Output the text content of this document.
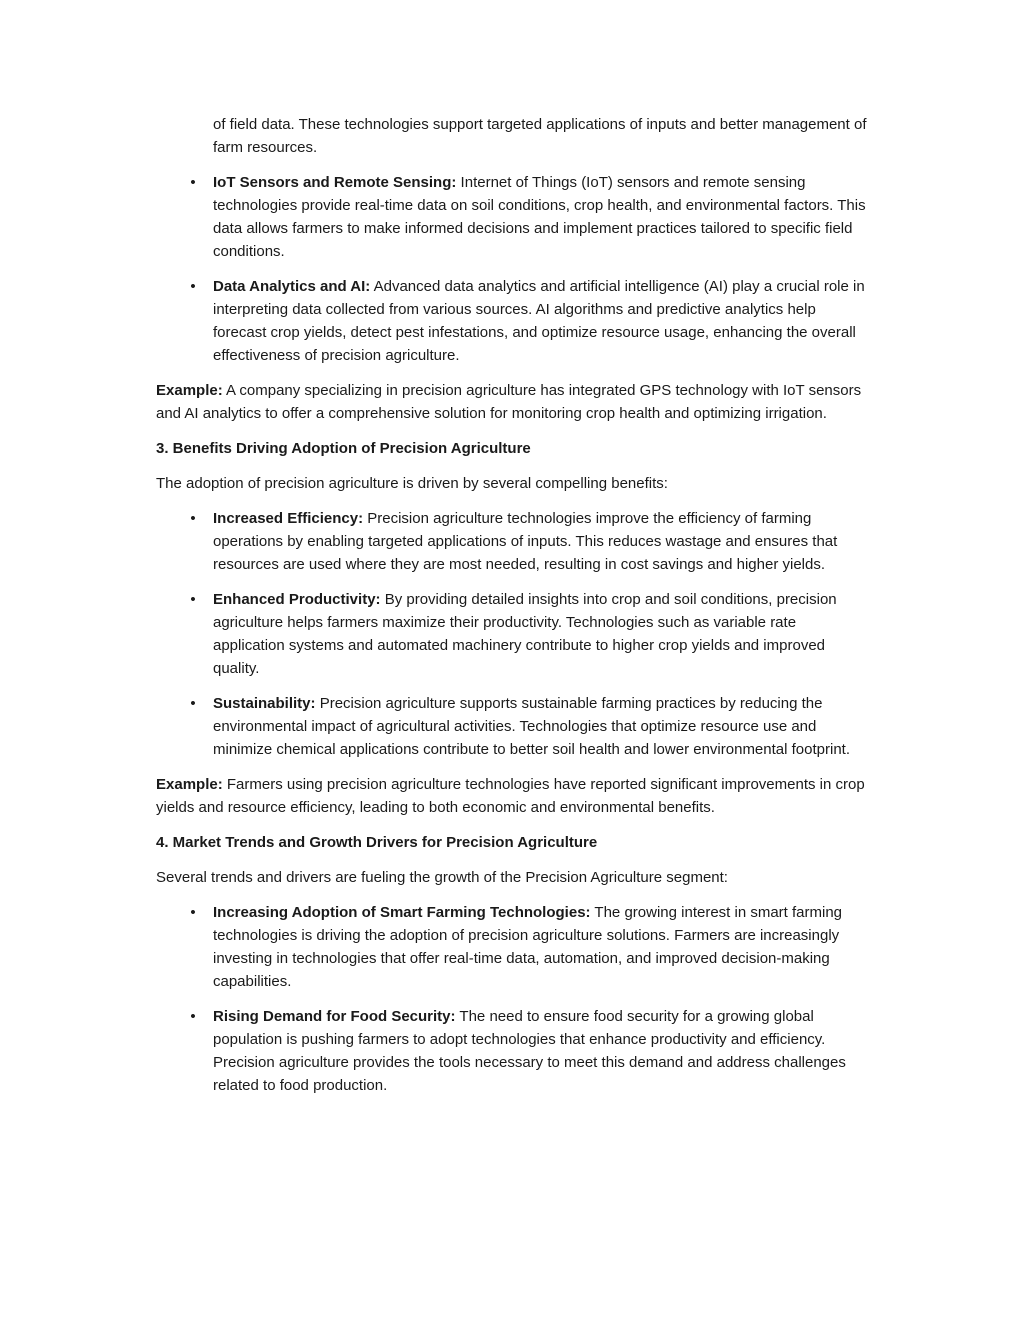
of field data. These technologies support targeted applications of inputs and better management of farm resources.

• IoT Sensors and Remote Sensing: Internet of Things (IoT) sensors and remote sensing technologies provide real-time data on soil conditions, crop health, and environmental factors. This data allows farmers to make informed decisions and implement practices tailored to specific field conditions.
• Data Analytics and AI: Advanced data analytics and artificial intelligence (AI) play a crucial role in interpreting data collected from various sources. AI algorithms and predictive analytics help forecast crop yields, detect pest infestations, and optimize resource usage, enhancing the overall effectiveness of precision agriculture.

Example: A company specializing in precision agriculture has integrated GPS technology with IoT sensors and AI analytics to offer a comprehensive solution for monitoring crop health and optimizing irrigation.

3. Benefits Driving Adoption of Precision Agriculture

The adoption of precision agriculture is driven by several compelling benefits:

• Increased Efficiency: Precision agriculture technologies improve the efficiency of farming operations by enabling targeted applications of inputs. This reduces wastage and ensures that resources are used where they are most needed, resulting in cost savings and higher yields.
• Enhanced Productivity: By providing detailed insights into crop and soil conditions, precision agriculture helps farmers maximize their productivity. Technologies such as variable rate application systems and automated machinery contribute to higher crop yields and improved quality.
• Sustainability: Precision agriculture supports sustainable farming practices by reducing the environmental impact of agricultural activities. Technologies that optimize resource use and minimize chemical applications contribute to better soil health and lower environmental footprint.

Example: Farmers using precision agriculture technologies have reported significant improvements in crop yields and resource efficiency, leading to both economic and environmental benefits.

4. Market Trends and Growth Drivers for Precision Agriculture

Several trends and drivers are fueling the growth of the Precision Agriculture segment:

• Increasing Adoption of Smart Farming Technologies: The growing interest in smart farming technologies is driving the adoption of precision agriculture solutions. Farmers are increasingly investing in technologies that offer real-time data, automation, and improved decision-making capabilities.
• Rising Demand for Food Security: The need to ensure food security for a growing global population is pushing farmers to adopt technologies that enhance productivity and efficiency. Precision agriculture provides the tools necessary to meet this demand and address challenges related to food production.
